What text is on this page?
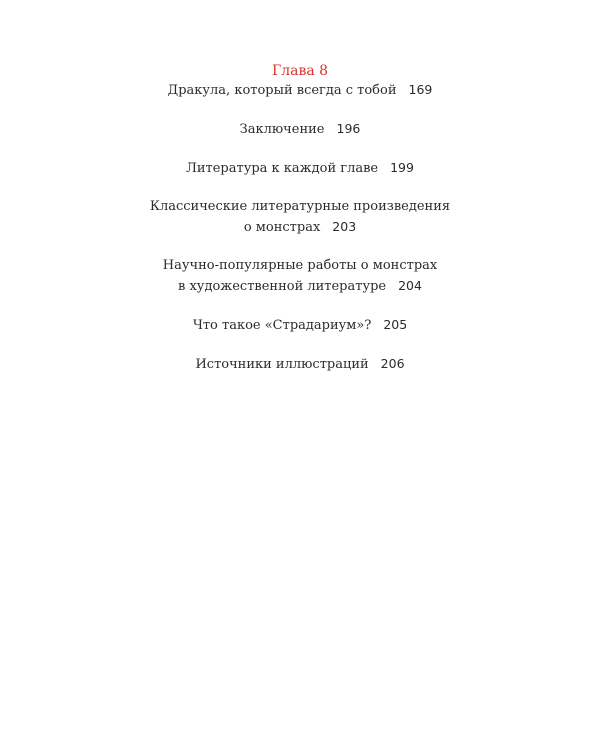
Глава 8

Дракула, который всегда с тобой 169

Заключение 196

Литература к каждой главе 199

Классические литературные произведения
о монстрах 203

Научно-популярные работы о монстрах
в художественной литературе 204

Что такое «Страдариум»? 205

Источники иллюстраций 206
